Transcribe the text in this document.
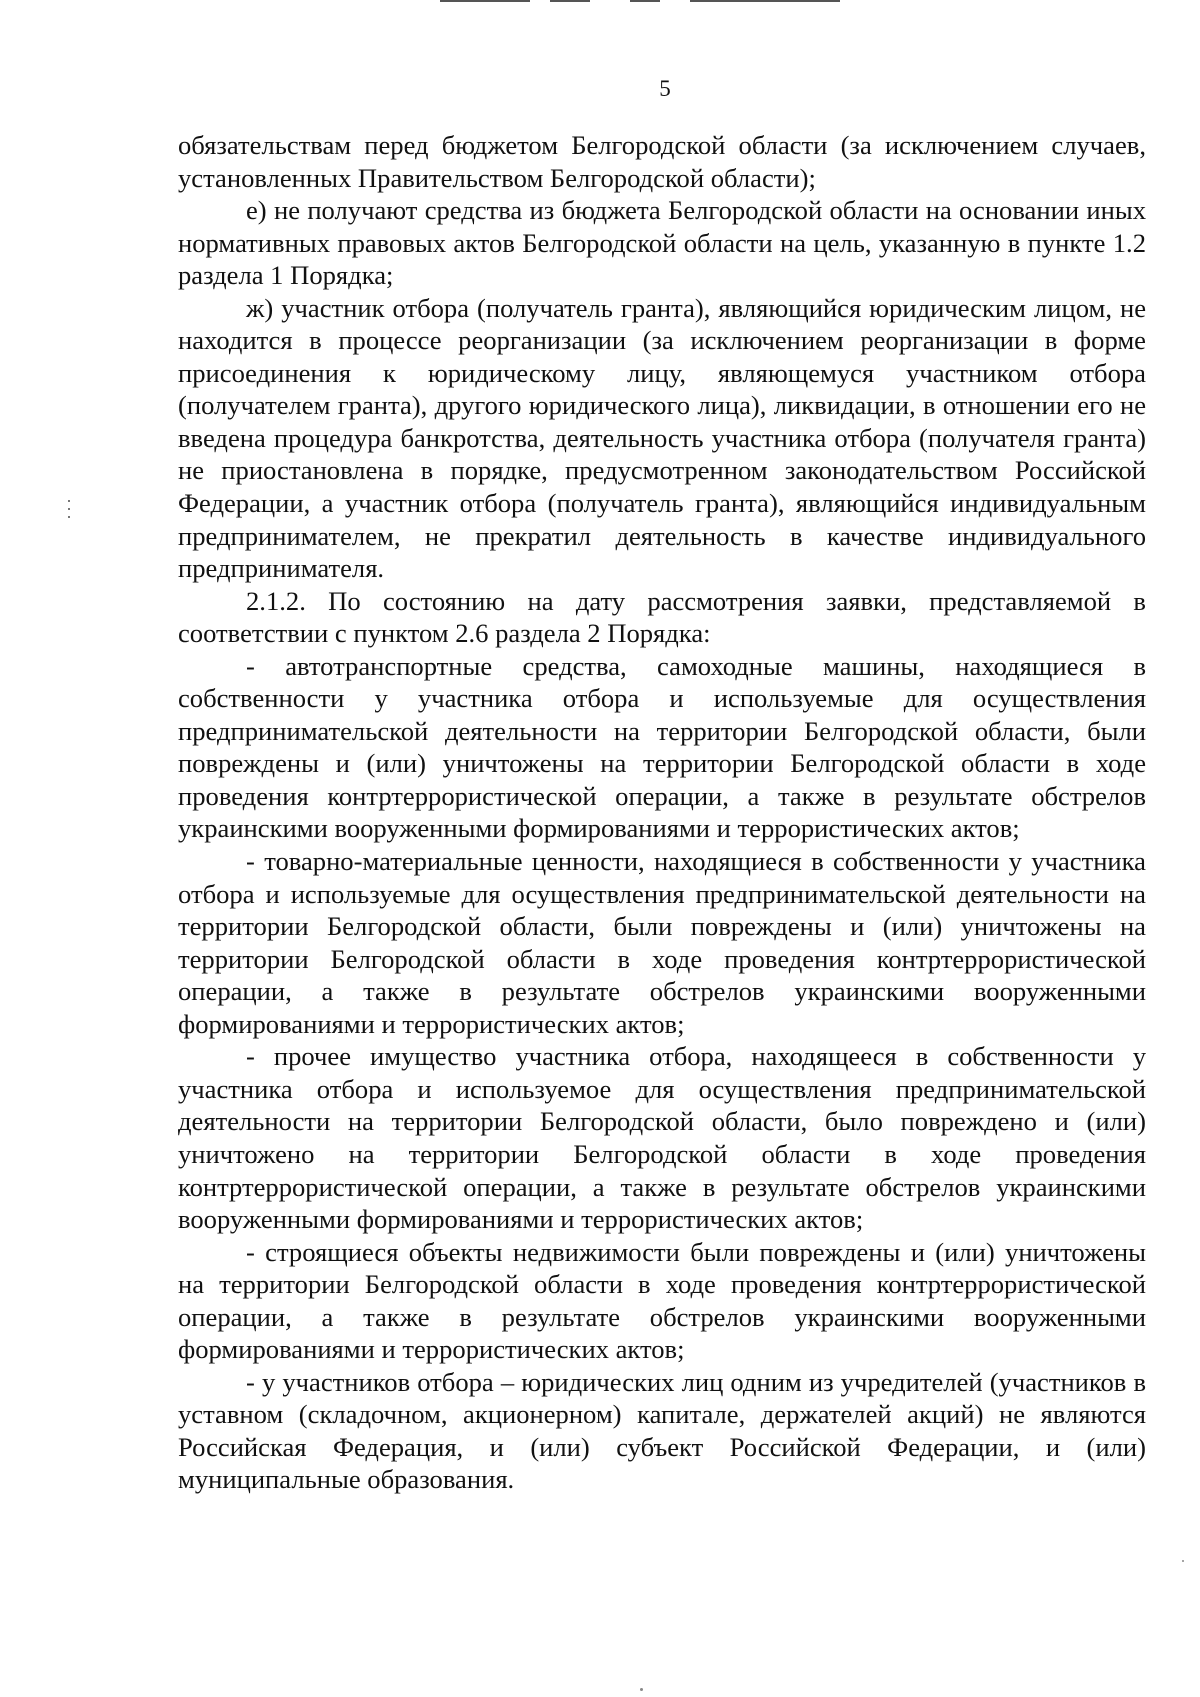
5

обязательствам перед бюджетом Белгородской области (за исключением случаев, установленных Правительством Белгородской области);

е) не получают средства из бюджета Белгородской области на основании иных нормативных правовых актов Белгородской области на цель, указанную в пункте 1.2 раздела 1 Порядка;

ж) участник отбора (получатель гранта), являющийся юридическим лицом, не находится в процессе реорганизации (за исключением реорганизации в форме присоединения к юридическому лицу, являющемуся участником отбора (получателем гранта), другого юридического лица), ликвидации, в отношении его не введена процедура банкротства, деятельность участника отбора (получателя гранта) не приостановлена в порядке, предусмотренном законодательством Российской Федерации, а участник отбора (получатель гранта), являющийся индивидуальным предпринимателем, не прекратил деятельность в качестве индивидуального предпринимателя.

2.1.2. По состоянию на дату рассмотрения заявки, представляемой в соответствии с пунктом 2.6 раздела 2 Порядка:

- автотранспортные средства, самоходные машины, находящиеся в собственности у участника отбора и используемые для осуществления предпринимательской деятельности на территории Белгородской области, были повреждены и (или) уничтожены на территории Белгородской области в ходе проведения контртеррористической операции, а также в результате обстрелов украинскими вооруженными формированиями и террористических актов;

- товарно-материальные ценности, находящиеся в собственности у участника отбора и используемые для осуществления предпринимательской деятельности на территории Белгородской области, были повреждены и (или) уничтожены на территории Белгородской области в ходе проведения контртеррористической операции, а также в результате обстрелов украинскими вооруженными формированиями и террористических актов;

- прочее имущество участника отбора, находящееся в собственности у участника отбора и используемое для осуществления предпринимательской деятельности на территории Белгородской области, было повреждено и (или) уничтожено на территории Белгородской области в ходе проведения контртеррористической операции, а также в результате обстрелов украинскими вооруженными формированиями и террористических актов;

- строящиеся объекты недвижимости были повреждены и (или) уничтожены на территории Белгородской области в ходе проведения контртеррористической операции, а также в результате обстрелов украинскими вооруженными формированиями и террористических актов;

- у участников отбора – юридических лиц одним из учредителей (участников в уставном (складочном, акционерном) капитале, держателей акций) не являются Российская Федерация, и (или) субъект Российской Федерации, и (или) муниципальные образования.
